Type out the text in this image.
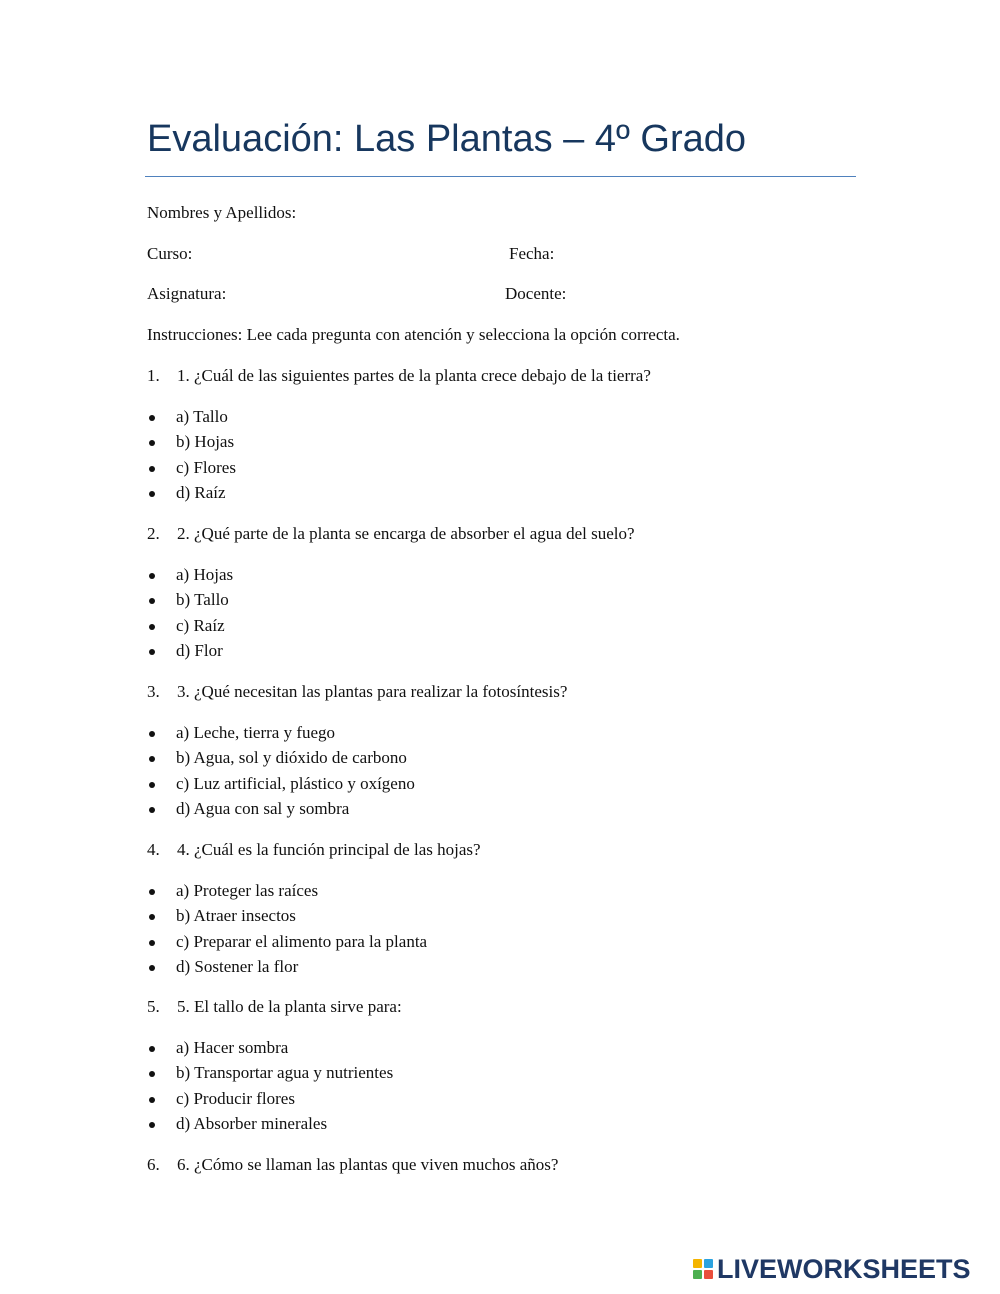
Evaluación: Las Plantas – 4º Grado
Nombres y Apellidos:
Curso:	Fecha:
Asignatura:	Docente:
Instrucciones: Lee cada pregunta con atención y selecciona la opción correcta.
1. 1. ¿Cuál de las siguientes partes de la planta crece debajo de la tierra?
a) Tallo
b) Hojas
c) Flores
d) Raíz
2. 2. ¿Qué parte de la planta se encarga de absorber el agua del suelo?
a) Hojas
b) Tallo
c) Raíz
d) Flor
3. 3. ¿Qué necesitan las plantas para realizar la fotosíntesis?
a) Leche, tierra y fuego
b) Agua, sol y dióxido de carbono
c) Luz artificial, plástico y oxígeno
d) Agua con sal y sombra
4. 4. ¿Cuál es la función principal de las hojas?
a) Proteger las raíces
b) Atraer insectos
c) Preparar el alimento para la planta
d) Sostener la flor
5. 5. El tallo de la planta sirve para:
a) Hacer sombra
b) Transportar agua y nutrientes
c) Producir flores
d) Absorber minerales
6. 6. ¿Cómo se llaman las plantas que viven muchos años?
LIVEWORKSHEETS
